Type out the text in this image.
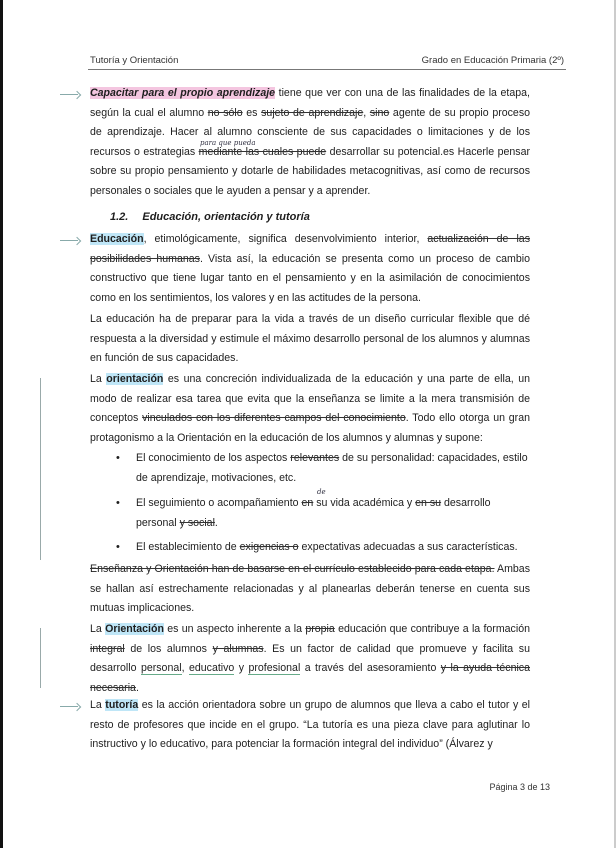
Tutoría y Orientación	Grado en Educación Primaria (2º)
para que pueda

Capacitar para el propio aprendizaje tiene que ver con una de las finalidades de la etapa, según la cual el alumno no sólo es sujeto de aprendizaje, sino agente de su propio proceso de aprendizaje. Hacer al alumno consciente de sus capacidades o limitaciones y de los recursos o estrategias mediante las cuales puede desarrollar su potencial.es Hacerle pensar sobre su propio pensamiento y dotarle de habilidades metacognitivas, así como de recursos personales o sociales que le ayuden a pensar y a aprender.

1.2. Educación, orientación y tutoría

Educación, etimológicamente, significa desenvolvimiento interior, actualización de las posibilidades humanas. Vista así, la educación se presenta como un proceso de cambio constructivo que tiene lugar tanto en el pensamiento y en la asimilación de conocimientos como en los sentimientos, los valores y en las actitudes de la persona.

La educación ha de preparar para la vida a través de un diseño curricular flexible que dé respuesta a la diversidad y estimule el máximo desarrollo personal de los alumnos y alumnas en función de sus capacidades.

La orientación es una concreción individualizada de la educación y una parte de ella, un modo de realizar esa tarea que evita que la enseñanza se limite a la mera transmisión de conceptos vinculados con los diferentes campos del conocimiento. Todo ello otorga un gran protagonismo a la Orientación en la educación de los alumnos y alumnas y supone:

• El conocimiento de los aspectos relevantes de su personalidad: capacidades, estilo de aprendizaje, motivaciones, etc.

de
• El seguimiento o acompañamiento en su vida académica y en su desarrollo personal y social.

• El establecimiento de exigencias o expectativas adecuadas a sus características.

Enseñanza y Orientación han de basarse en el currículo establecido para cada etapa. Ambas se hallan así estrechamente relacionadas y al planearlas deberán tenerse en cuenta sus mutuas implicaciones.

La Orientación es un aspecto inherente a la propia educación que contribuye a la formación integral de los alumnos y alumnas. Es un factor de calidad que promueve y facilita su desarrollo personal, educativo y profesional a través del asesoramiento y la ayuda técnica necesaria.

La tutoría es la acción orientadora sobre un grupo de alumnos que lleva a cabo el tutor y el resto de profesores que incide en el grupo. “La tutoría es una pieza clave para aglutinar lo instructivo y lo educativo, para potenciar la formación integral del individuo” (Álvarez y

Página 3 de 13
